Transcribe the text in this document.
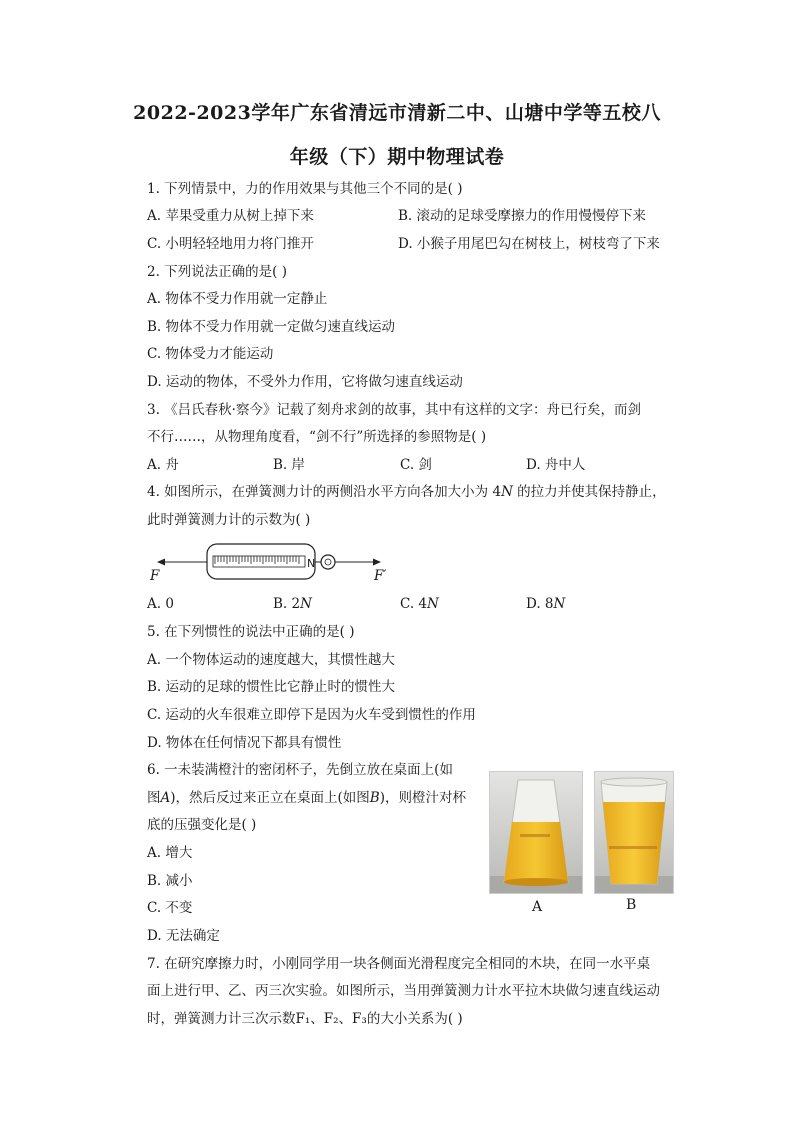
2022-2023学年广东省清远市清新二中、山塘中学等五校八
年级（下）期中物理试卷
1. 下列情景中，力的作用效果与其他三个不同的是( )
A. 苹果受重力从树上掉下来	B. 滚动的足球受摩擦力的作用慢慢停下来
C. 小明轻轻地用力将门推开	D. 小猴子用尾巴勾在树枝上，树枝弯了下来
2. 下列说法正确的是( )
A. 物体不受力作用就一定静止
B. 物体不受力作用就一定做匀速直线运动
C. 物体受力才能运动
D. 运动的物体，不受外力作用，它将做匀速直线运动
3. 《吕氏春秋·察今》记载了刻舟求剑的故事，其中有这样的文字：舟已行矣，而剑
不行……，从物理角度看，“剑不行”所选择的参照物是( )
A. 舟	B. 岸	C. 剑	D. 舟中人
4. 如图所示，在弹簧测力计的两侧沿水平方向各加大小为 4N 的拉力并使其保持静止，
此时弹簧测力计的示数为( )
N
F	F′
A. 0	B. 2N	C. 4N	D. 8N
5. 在下列惯性的说法中正确的是( )
A. 一个物体运动的速度越大，其惯性越大
B. 运动的足球的惯性比它静止时的惯性大
C. 运动的火车很难立即停下是因为火车受到惯性的作用
D. 物体在任何情况下都具有惯性
6. 一未装满橙汁的密闭杯子，先倒立放在桌面上(如
图A)，然后反过来正立在桌面上(如图B)，则橙汁对杯
底的压强变化是( )
A. 增大
B. 减小
C. 不变
D. 无法确定
A	B
7. 在研究摩擦力时，小刚同学用一块各侧面光滑程度完全相同的木块，在同一水平桌
面上进行甲、乙、丙三次实验。如图所示，当用弹簧测力计水平拉木块做匀速直线运动
时，弹簧测力计三次示数F₁、F₂、F₃的大小关系为( )
